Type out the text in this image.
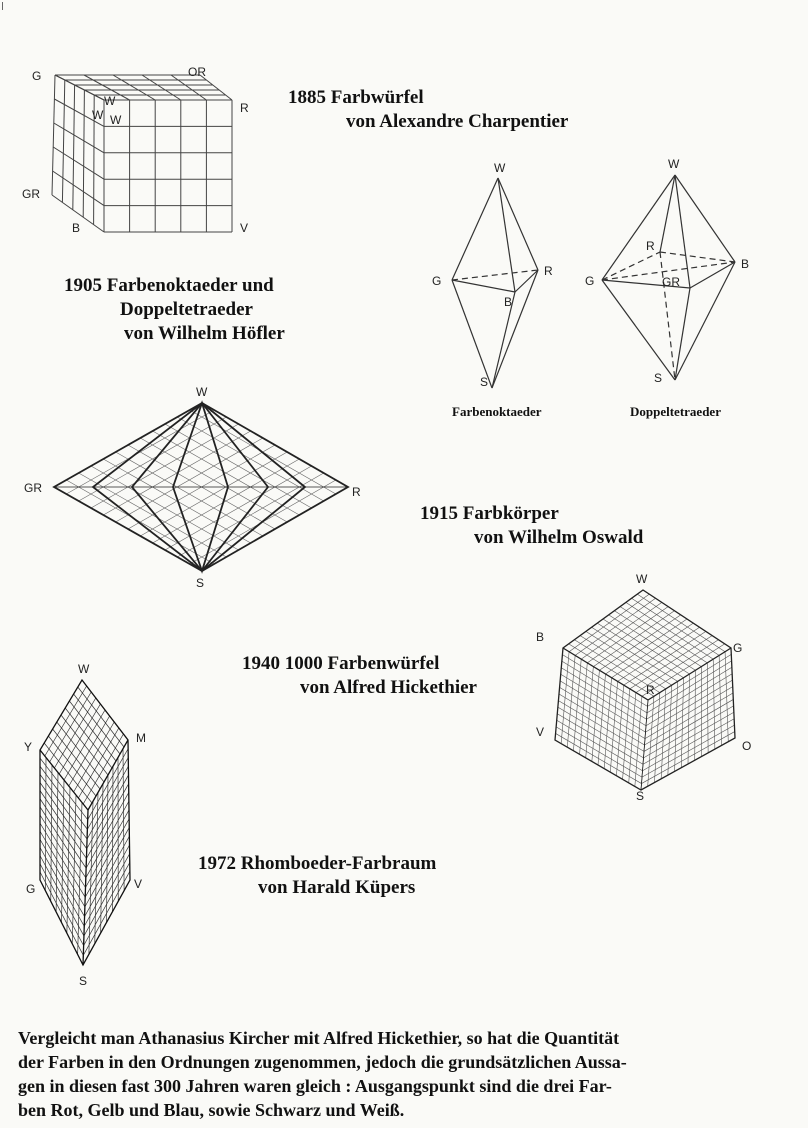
G	OR
R
W
W W
GR
B	V
1885 Farbwürfel
von Alexandre Charpentier
W
G
R
B
S
Farbenoktaeder
W
G
R
GR
B
S
Doppeltetraeder
1905 Farbenoktaeder und
Doppeltetraeder
von Wilhelm Höfler
W
GR	R
S
1915 Farbkörper
von Wilhelm Oswald
W
B
G
R
V
O
S
1940 1000 Farbenwürfel
von Alfred Hickethier
W
Y
M
G	V
S
1972 Rhomboeder-Farbraum
von Harald Küpers
Vergleicht man Athanasius Kircher mit Alfred Hickethier, so hat die Quantität
der Farben in den Ordnungen zugenommen, jedoch die grundsätzlichen Aussa-
gen in diesen fast 300 Jahren waren gleich : Ausgangspunkt sind die drei Far-
ben Rot, Gelb und Blau, sowie Schwarz und Weiß.
